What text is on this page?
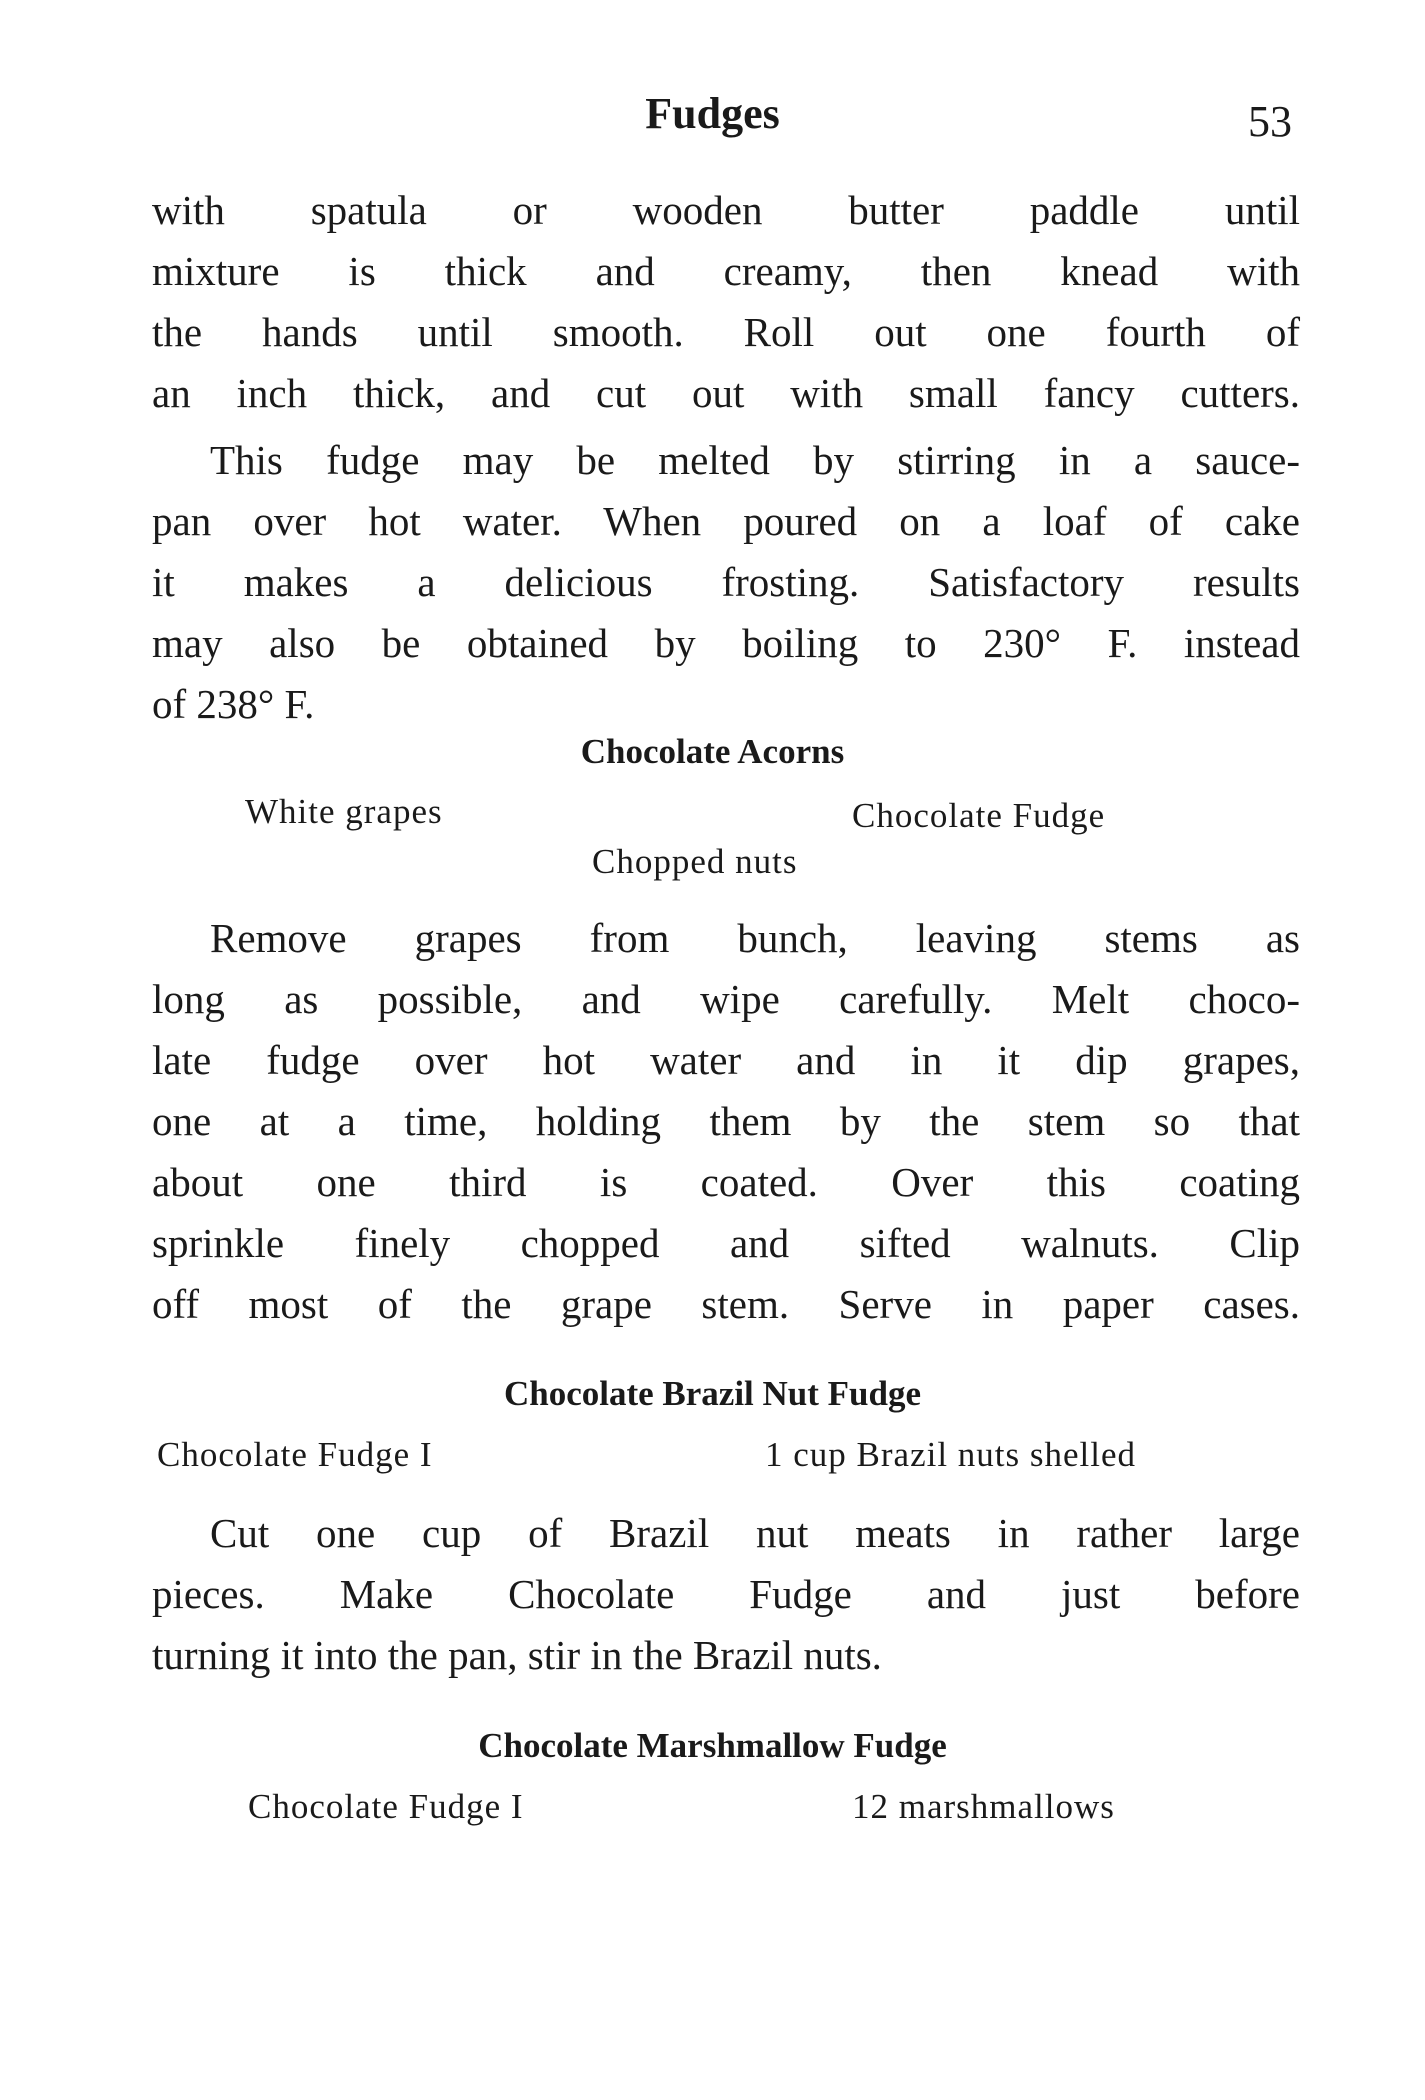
Fudges	53
with spatula or wooden butter paddle until
mixture is thick and creamy, then knead with
the hands until smooth. Roll out one fourth of
an inch thick, and cut out with small fancy cutters.
This fudge may be melted by stirring in a sauce-
pan over hot water. When poured on a loaf of cake
it makes a delicious frosting. Satisfactory results
may also be obtained by boiling to 230° F. instead
of 238° F.
Chocolate Acorns
White grapes	Chocolate Fudge
Chopped nuts
Remove grapes from bunch, leaving stems as
long as possible, and wipe carefully. Melt choco-
late fudge over hot water and in it dip grapes,
one at a time, holding them by the stem so that
about one third is coated. Over this coating
sprinkle finely chopped and sifted walnuts. Clip
off most of the grape stem. Serve in paper cases.
Chocolate Brazil Nut Fudge
Chocolate Fudge I	1 cup Brazil nuts shelled
Cut one cup of Brazil nut meats in rather large
pieces. Make Chocolate Fudge and just before
turning it into the pan, stir in the Brazil nuts.
Chocolate Marshmallow Fudge
Chocolate Fudge I	12 marshmallows
